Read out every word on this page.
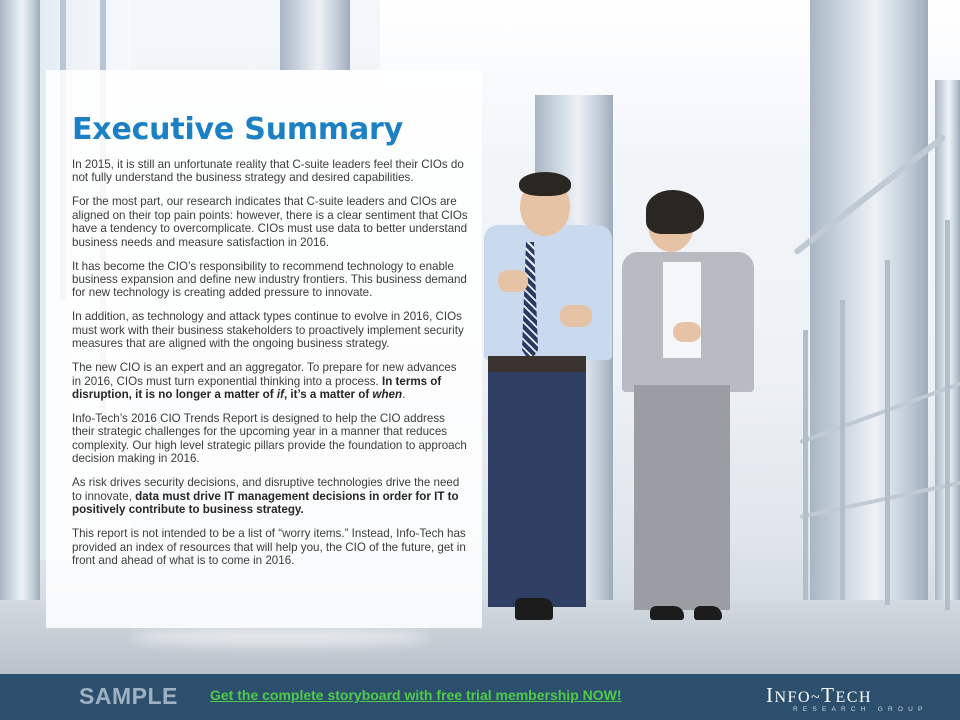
Executive Summary

In 2015, it is still an unfortunate reality that C-suite leaders feel their CIOs do not fully understand the business strategy and desired capabilities.

For the most part, our research indicates that C-suite leaders and CIOs are aligned on their top pain points: however, there is a clear sentiment that CIOs have a tendency to overcomplicate. CIOs must use data to better understand business needs and measure satisfaction in 2016.

It has become the CIO’s responsibility to recommend technology to enable business expansion and define new industry frontiers. This business demand for new technology is creating added pressure to innovate.

In addition, as technology and attack types continue to evolve in 2016, CIOs must work with their business stakeholders to proactively implement security measures that are aligned with the ongoing business strategy.

The new CIO is an expert and an aggregator. To prepare for new advances in 2016, CIOs must turn exponential thinking into a process. In terms of disruption, it is no longer a matter of if, it’s a matter of when.

Info-Tech’s 2016 CIO Trends Report is designed to help the CIO address their strategic challenges for the upcoming year in a manner that reduces complexity. Our high level strategic pillars provide the foundation to approach decision making in 2016.

As risk drives security decisions, and disruptive technologies drive the need to innovate, data must drive IT management decisions in order for IT to positively contribute to business strategy.

This report is not intended to be a list of “worry items.” Instead, Info-Tech has provided an index of resources that will help you, the CIO of the future, get in front and ahead of what is to come in 2016.

SAMPLE Get the complete storyboard with free trial membership NOW!	INFO~TECH
RESEARCH GROUP
